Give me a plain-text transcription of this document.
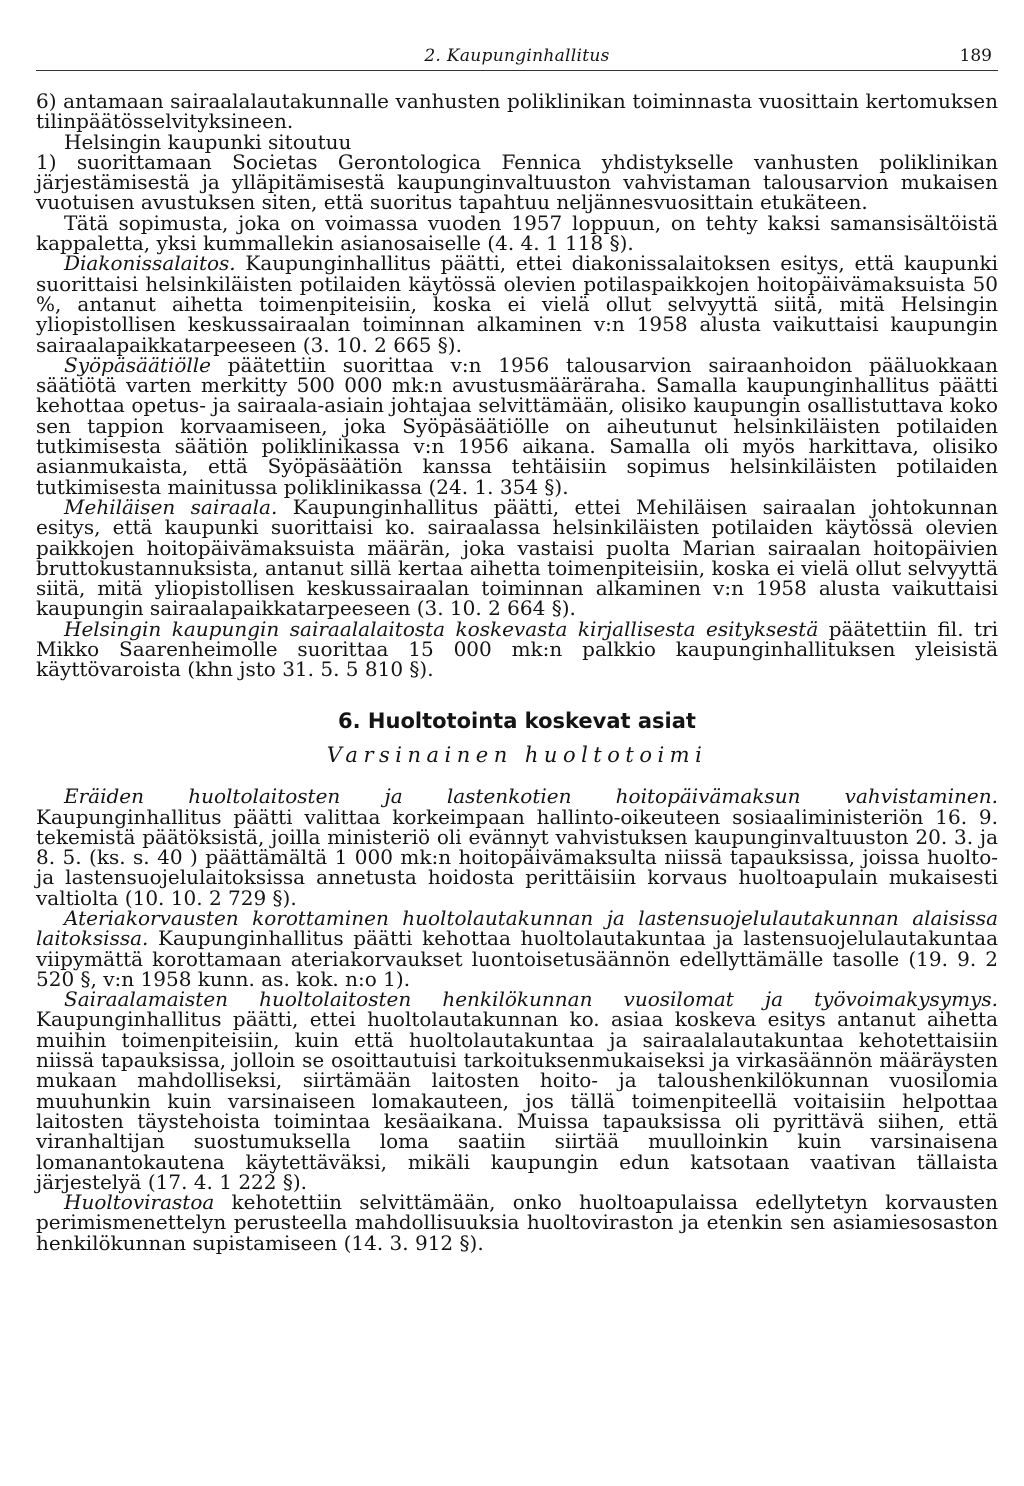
2. Kaupunginhallitus	189

6) antamaan sairaalalautakunnalle vanhusten poliklinikan toiminnasta vuosittain kertomuksen tilinpäätösselvityksineen.

Helsingin kaupunki sitoutuu

1) suorittamaan Societas Gerontologica Fennica yhdistykselle vanhusten poliklinikan järjestämisestä ja ylläpitämisestä kaupunginvaltuuston vahvistaman talousarvion mukaisen vuotuisen avustuksen siten, että suoritus tapahtuu neljännesvuosittain etukäteen.

Tätä sopimusta, joka on voimassa vuoden 1957 loppuun, on tehty kaksi samansisältöistä kappaletta, yksi kummallekin asianosaiselle (4. 4. 1 118 §).

Diakonissalaitos. Kaupunginhallitus päätti, ettei diakonissalaitoksen esitys, että kaupunki suorittaisi helsinkiläisten potilaiden käytössä olevien potilaspaikkojen hoitopäivämaksuista 50 %, antanut aihetta toimenpiteisiin, koska ei vielä ollut selvyyttä siitä, mitä Helsingin yliopistollisen keskussairaalan toiminnan alkaminen v:n 1958 alusta vaikuttaisi kaupungin sairaalapaikkatarpeeseen (3. 10. 2 665 §).

Syöpäsäätiölle päätettiin suorittaa v:n 1956 talousarvion sairaanhoidon pääluokkaan säätiötä varten merkitty 500 000 mk:n avustusmääräraha. Samalla kaupunginhallitus päätti kehottaa opetus- ja sairaala-asiain johtajaa selvittämään, olisiko kaupungin osallistuttava koko sen tappion korvaamiseen, joka Syöpäsäätiölle on aiheutunut helsinkiläisten potilaiden tutkimisesta säätiön poliklinikassa v:n 1956 aikana. Samalla oli myös harkittava, olisiko asianmukaista, että Syöpäsäätiön kanssa tehtäisiin sopimus helsinkiläisten potilaiden tutkimisesta mainitussa poliklinikassa (24. 1. 354 §).

Mehiläisen sairaala. Kaupunginhallitus päätti, ettei Mehiläisen sairaalan johtokunnan esitys, että kaupunki suorittaisi ko. sairaalassa helsinkiläisten potilaiden käytössä olevien paikkojen hoitopäivämaksuista määrän, joka vastaisi puolta Marian sairaalan hoitopäivien bruttokustannuksista, antanut sillä kertaa aihetta toimenpiteisiin, koska ei vielä ollut selvyyttä siitä, mitä yliopistollisen keskussairaalan toiminnan alkaminen v:n 1958 alusta vaikuttaisi kaupungin sairaalapaikkatarpeeseen (3. 10. 2 664 §).

Helsingin kaupungin sairaalalaitosta koskevasta kirjallisesta esityksestä päätettiin fil. tri Mikko Saarenheimolle suorittaa 15 000 mk:n palkkio kaupunginhallituksen yleisistä käyttövaroista (khn jsto 31. 5. 5 810 §).

6. Huoltotointa koskevat asiat
Varsinainen huoltotoimi

Eräiden huoltolaitosten ja lastenkotien hoitopäivämaksun vahvistaminen. Kaupunginhallitus päätti valittaa korkeimpaan hallinto-oikeuteen sosiaaliministeriön 16. 9. tekemistä päätöksistä, joilla ministeriö oli evännyt vahvistuksen kaupunginvaltuuston 20. 3. ja 8. 5. (ks. s. 40 ) päättämältä 1 000 mk:n hoitopäivämaksulta niissä tapauksissa, joissa huolto- ja lastensuojelulaitoksissa annetusta hoidosta perittäisiin korvaus huoltoapulain mukaisesti valtiolta (10. 10. 2 729 §).

Ateriakorvausten korottaminen huoltolautakunnan ja lastensuojelulautakunnan alaisissa laitoksissa. Kaupunginhallitus päätti kehottaa huoltolautakuntaa ja lastensuojelulautakuntaa viipymättä korottamaan ateriakorvaukset luontoisetusäännön edellyttämälle tasolle (19. 9. 2 520 §, v:n 1958 kunn. as. kok. n:o 1).

Sairaalamaisten huoltolaitosten henkilökunnan vuosilomat ja työvoimakysymys. Kaupunginhallitus päätti, ettei huoltolautakunnan ko. asiaa koskeva esitys antanut aihetta muihin toimenpiteisiin, kuin että huoltolautakuntaa ja sairaalalautakuntaa kehotettaisiin niissä tapauksissa, jolloin se osoittautuisi tarkoituksenmukaiseksi ja virkasäännön määräysten mukaan mahdolliseksi, siirtämään laitosten hoito- ja taloushenkilökunnan vuosilomia muuhunkin kuin varsinaiseen lomakauteen, jos tällä toimenpiteellä voitaisiin helpottaa laitosten täystehoista toimintaa kesäaikana. Muissa tapauksissa oli pyrittävä siihen, että viranhaltijan suostumuksella loma saatiin siirtää muulloinkin kuin varsinaisena lomanantokautena käytettäväksi, mikäli kaupungin edun katsotaan vaativan tällaista järjestelyä (17. 4. 1 222 §).

Huoltovirastoa kehotettiin selvittämään, onko huoltoapulaissa edellytetyn korvausten perimismenettelyn perusteella mahdollisuuksia huoltoviraston ja etenkin sen asiamiesosaston henkilökunnan supistamiseen (14. 3. 912 §).
